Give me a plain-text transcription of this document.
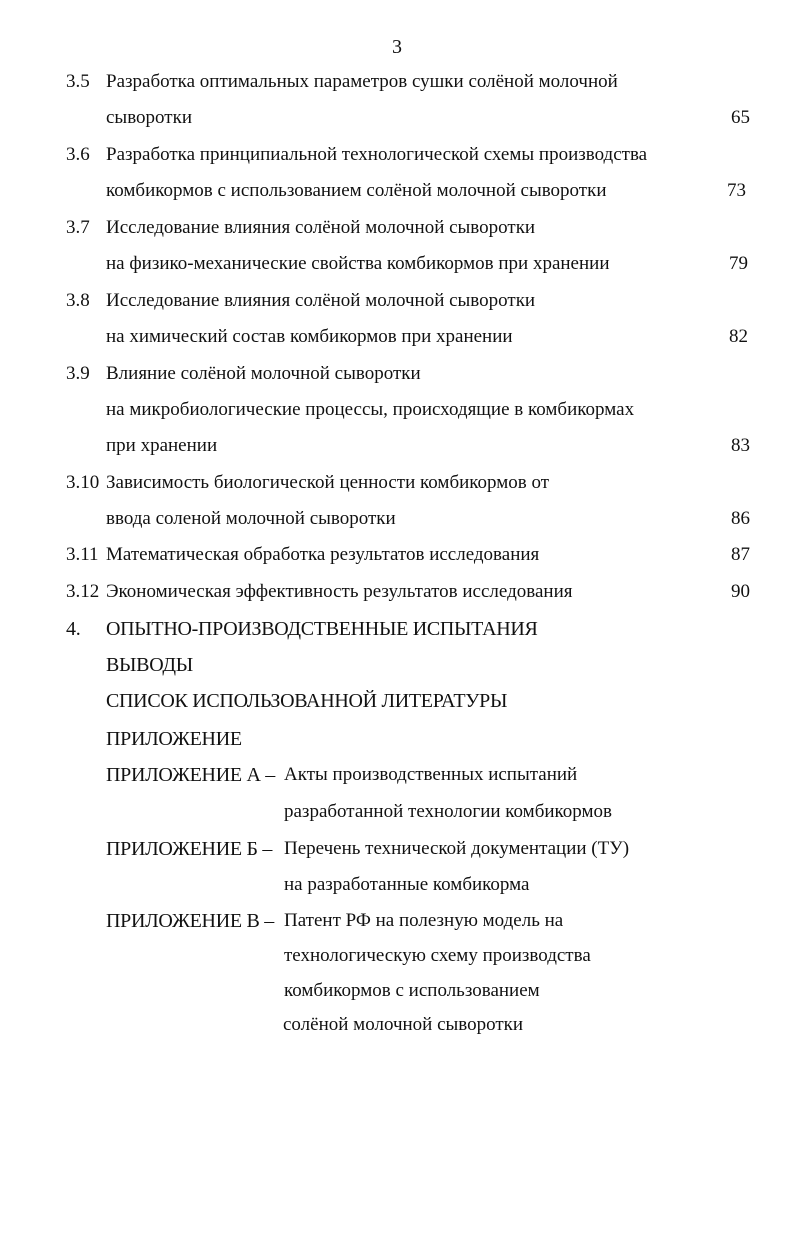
3
3.5 Разработка оптимальных параметров сушки солёной молочной
сыворотки	65
3.6 Разработка принципиальной технологической схемы производства
комбикормов с использованием солёной молочной сыворотки	73
3.7 Исследование влияния солёной молочной сыворотки
на физико-механические свойства комбикормов при хранении	79
3.8 Исследование влияния солёной молочной сыворотки
на химический состав комбикормов при хранении	82
3.9 Влияние солёной молочной сыворотки
на микробиологические процессы, происходящие в комбикормах
при хранении	83
3.10 Зависимость биологической ценности комбикормов от
ввода соленой молочной сыворотки	86
3.11 Математическая обработка результатов исследования	87
3.12 Экономическая эффективность результатов исследования	90
4. ОПЫТНО-ПРОИЗВОДСТВЕННЫЕ ИСПЫТАНИЯ
ВЫВОДЫ
СПИСОК ИСПОЛЬЗОВАННОЙ ЛИТЕРАТУРЫ
ПРИЛОЖЕНИЕ
ПРИЛОЖЕНИЕ А – Акты производственных испытаний
разработанной технологии комбикормов
ПРИЛОЖЕНИЕ Б – Перечень технической документации (ТУ)
на разработанные комбикорма
ПРИЛОЖЕНИЕ В – Патент РФ на полезную модель на
технологическую схему производства
комбикормов с использованием
солёной молочной сыворотки
